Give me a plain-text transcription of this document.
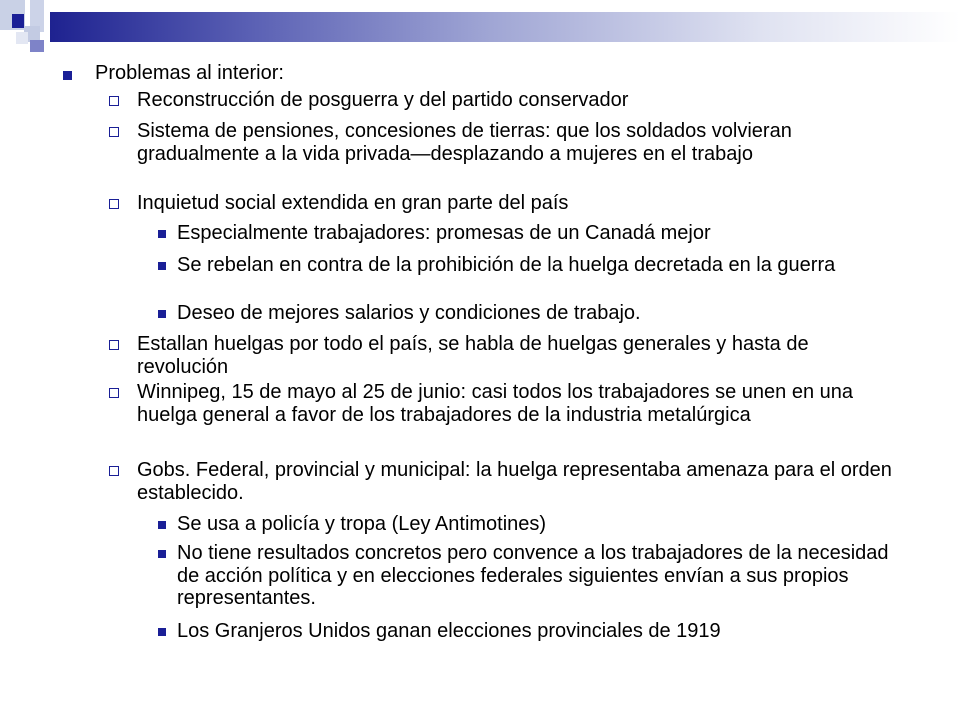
Problemas al interior:
Reconstrucción de posguerra y del partido conservador
Sistema de pensiones, concesiones de tierras: que los soldados volvieran gradualmente a la vida privada—desplazando a mujeres en el trabajo
Inquietud social extendida en gran parte del país
Especialmente trabajadores: promesas de un Canadá mejor
Se rebelan en contra de la prohibición de la huelga decretada en la guerra
Deseo de mejores salarios y condiciones de trabajo.
Estallan huelgas por todo el país, se habla de huelgas generales y hasta de revolución
Winnipeg, 15 de mayo al 25 de junio: casi todos los trabajadores se unen en una huelga general a favor de los trabajadores de la industria metalúrgica
Gobs. Federal, provincial y municipal: la huelga representaba amenaza para el orden establecido.
Se usa a policía y tropa (Ley Antimotines)
No tiene resultados concretos pero convence a los trabajadores de la necesidad de acción política y en elecciones federales siguientes envían a sus propios representantes.
Los Granjeros Unidos ganan elecciones provinciales de 1919
